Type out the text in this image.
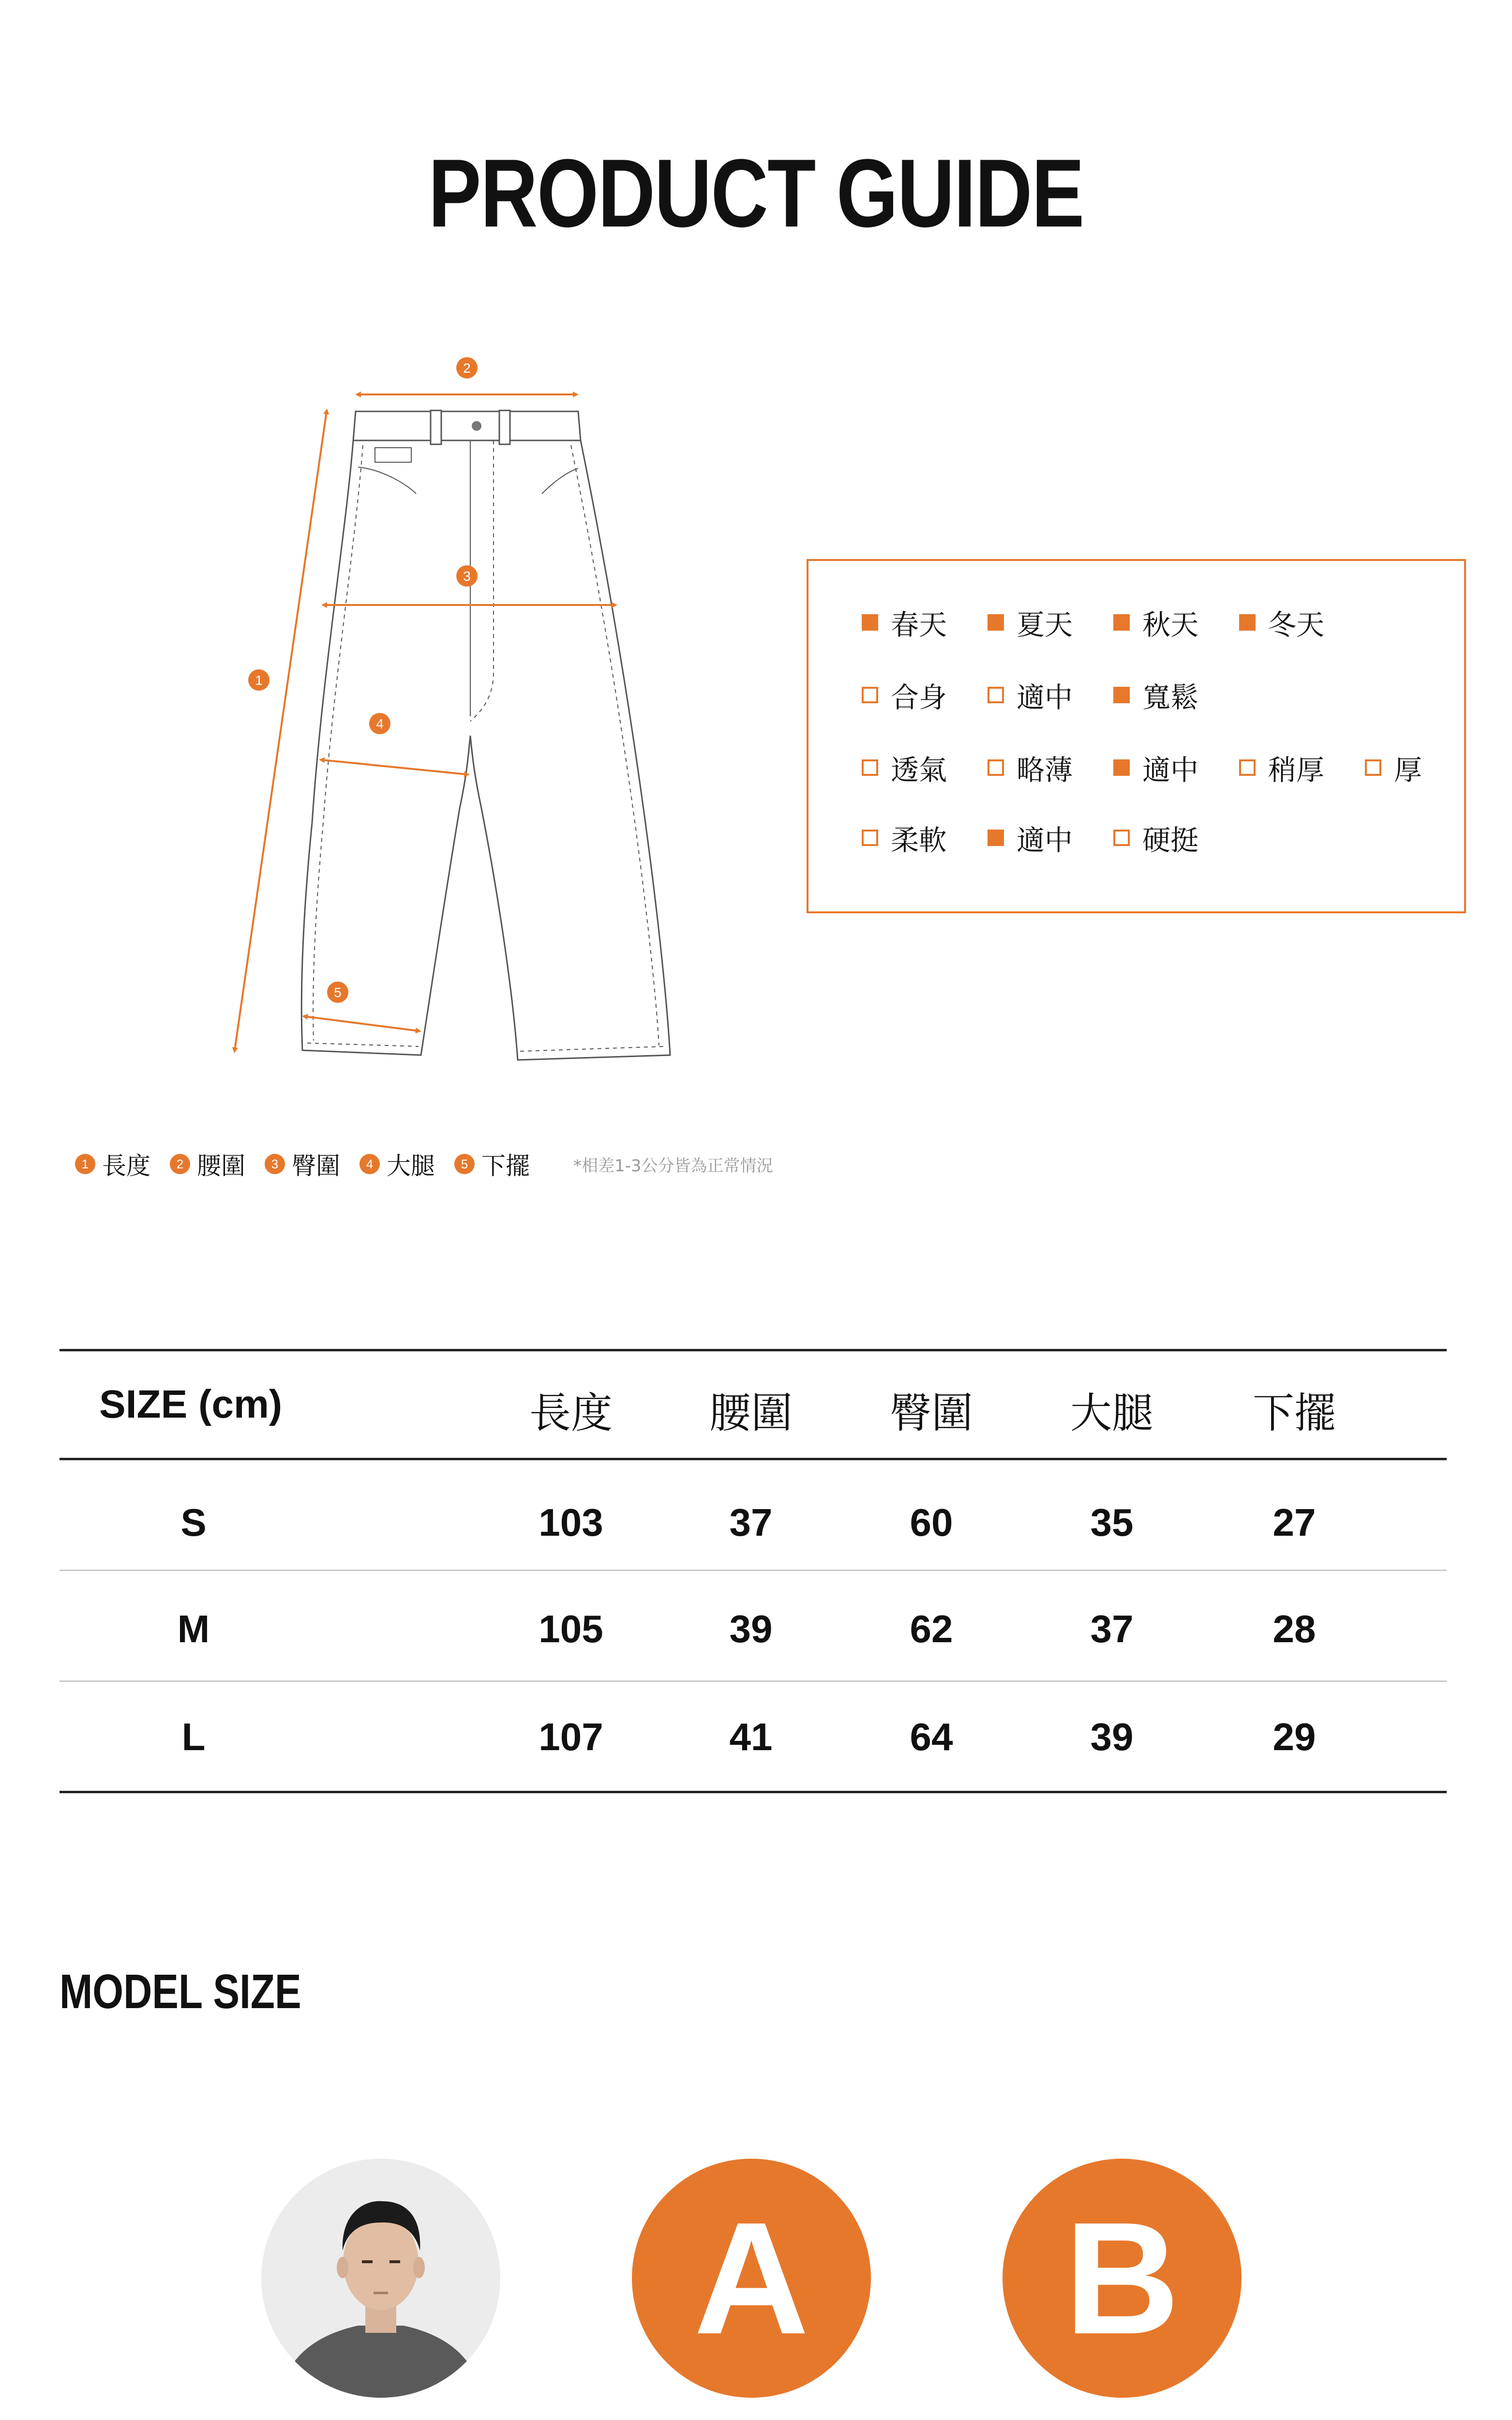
PRODUCT GUIDE
2
3
1
4
5
春天 夏天 秋天 冬天
合身 適中 寬鬆
透氣 略薄 適中 稍厚 厚
柔軟 適中 硬挺
1 長度	2 腰圍	3 臀圍	4 大腿	5 下擺	*相差1-3公分皆為正常情況
SIZE (cm)	長度	腰圍	臀圍	大腿	下擺
S	103	37	60	35	27
M	105	39	62	37	28
L	107	41	64	39	29
MODEL SIZE
A	B
